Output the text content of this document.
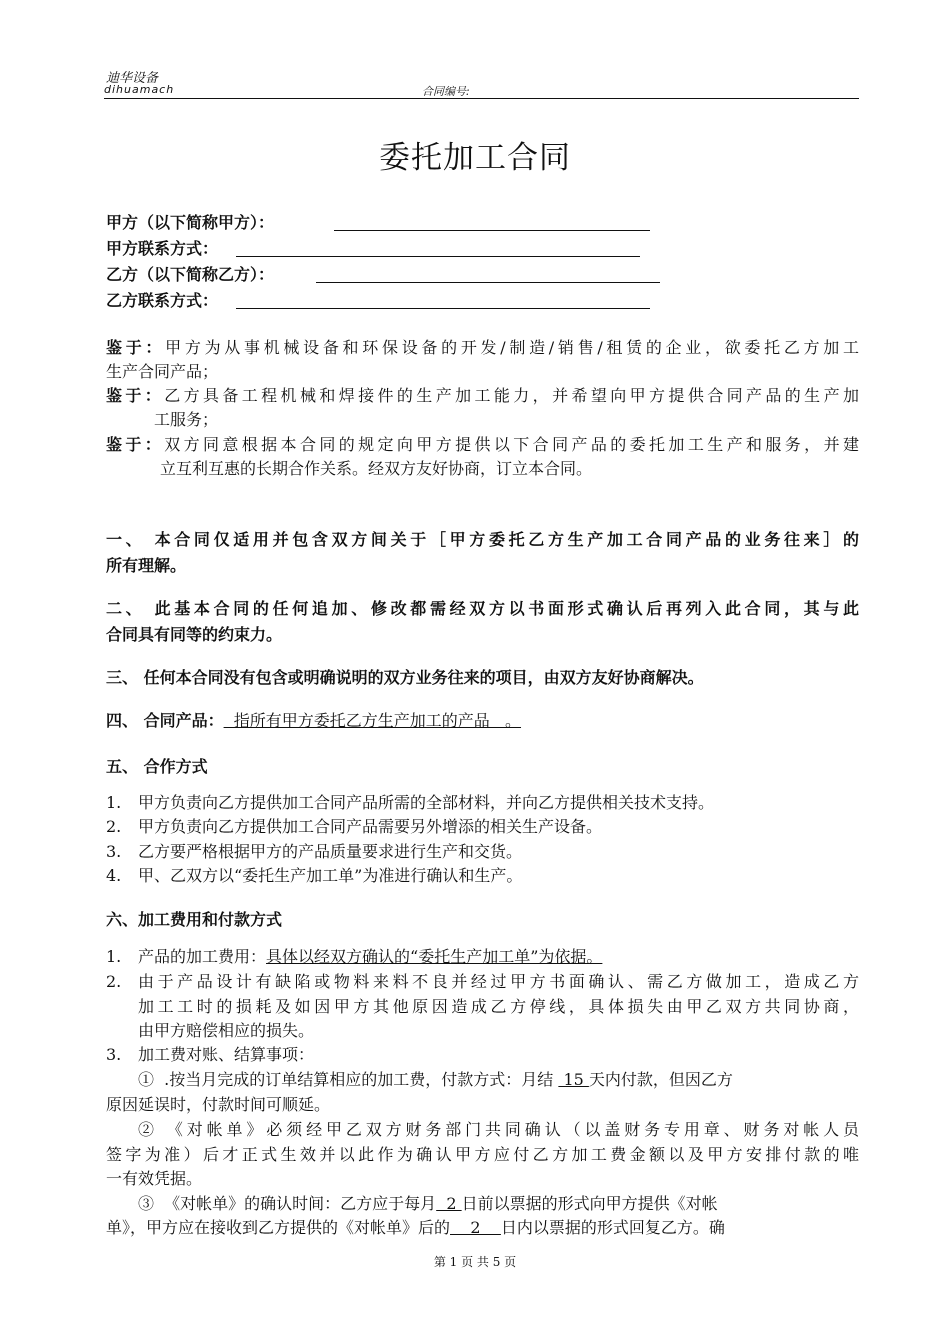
迪华设备
dihuamach	合同编号:
委托加工合同
甲方（以下简称甲方）：
甲方联系方式：
乙方（以下简称乙方）：
乙方联系方式：
鉴于：甲方为从事机械设备和环保设备的开发/制造/销售/租赁的企业，欲委托乙方加工
生产合同产品；
鉴于：乙方具备工程机械和焊接件的生产加工能力，并希望向甲方提供合同产品的生产加
工服务；
鉴于：双方同意根据本合同的规定向甲方提供以下合同产品的委托加工生产和服务，并建
立互利互惠的长期合作关系。经双方友好协商，订立本合同。
一、 本合同仅适用并包含双方间关于［甲方委托乙方生产加工合同产品的业务往来］的
所有理解。
二、 此基本合同的任何追加、修改都需经双方以书面形式确认后再列入此合同，其与此
合同具有同等的约束力。
三、 任何本合同没有包含或明确说明的双方业务往来的项目，由双方友好协商解决。
四、 合同产品：  指所有甲方委托乙方生产加工的产品   。
五、 合作方式
1. 甲方负责向乙方提供加工合同产品所需的全部材料，并向乙方提供相关技术支持。
2. 甲方负责向乙方提供加工合同产品需要另外增添的相关生产设备。
3. 乙方要严格根据甲方的产品质量要求进行生产和交货。
4. 甲、乙双方以“委托生产加工单”为准进行确认和生产。
六、加工费用和付款方式
1. 产品的加工费用：具体以经双方确认的“委托生产加工单”为依据。
2. 由于产品设计有缺陷或物料来料不良并经过甲方书面确认、需乙方做加工，造成乙方
加工工时的损耗及如因甲方其他原因造成乙方停线，具体损失由甲乙双方共同协商，
由甲方赔偿相应的损失。
3. 加工费对账、结算事项：
①  .按当月完成的订单结算相应的加工费，付款方式：月结  15 天内付款，但因乙方
原因延误时，付款时间可顺延。
② 《对帐单》必须经甲乙双方财务部门共同确认（以盖财务专用章、财务对帐人员
签字为准）后才正式生效并以此作为确认甲方应付乙方加工费金额以及甲方安排付款的唯
一有效凭据。
③  《对帐单》的确认时间：乙方应于每月  2 日前以票据的形式向甲方提供《对帐
单》，甲方应在接收到乙方提供的《对帐单》后的    2    日内以票据的形式回复乙方。确
第 1 页 共 5 页
